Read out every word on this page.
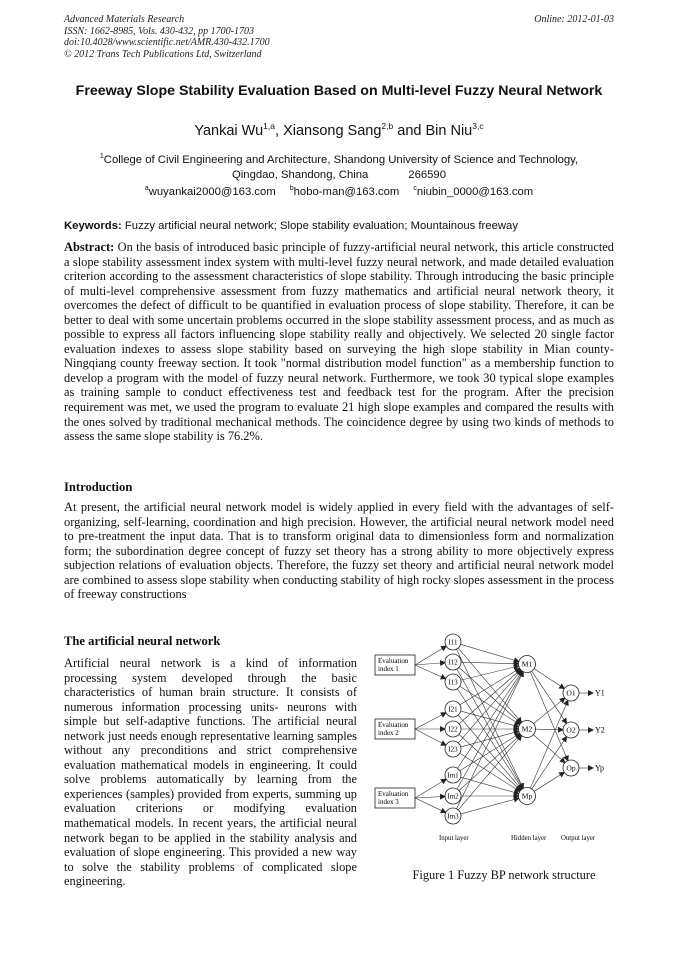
Advanced Materials Research
ISSN: 1662-8985, Vols. 430-432, pp 1700-1703
doi:10.4028/www.scientific.net/AMR.430-432.1700
© 2012 Trans Tech Publications Ltd, Switzerland
Online: 2012-01-03
Freeway Slope Stability Evaluation Based on Multi-level Fuzzy Neural Network
Yankai Wu$^{1,a}$, Xiansong Sang$^{2,b}$ and Bin Niu$^{3,c}$
$^1$College of Civil Engineering and Architecture, Shandong University of Science and Technology,
Qingdao, Shandong, China	266590
$^a$wuyankai2000@163.com $^b$hobo-man@163.com $^c$niubin_0000@163.com
Keywords: Fuzzy artificial neural network; Slope stability evaluation; Mountainous freeway
Abstract: On the basis of introduced basic principle of fuzzy-artificial neural network, this article constructed a slope stability assessment index system with multi-level fuzzy neural network, and made detailed evaluation criterion according to the assessment characteristics of slope stability. Through introducing the basic principle of multi-level comprehensive assessment from fuzzy mathematics and artificial neural network theory, it overcomes the defect of difficult to be quantified in evaluation process of slope stability. Therefore, it can be better to deal with some uncertain problems occurred in the slope stability assessment process, and as much as possible to express all factors influencing slope stability really and objectively. We selected 20 single factor evaluation indexes to assess slope stability based on surveying the high slope stability in Mian county-Ningqiang county freeway section. It took "normal distribution model function" as a membership function to develop a program with the model of fuzzy neural network. Furthermore, we took 30 typical slope examples as training sample to conduct effectiveness test and feedback test for the program. After the precision requirement was met, we used the program to evaluate 21 high slope examples and compared the results with the ones solved by traditional mechanical methods. The coincidence degree by using two kinds of methods to assess the same slope stability is 76.2%.
Introduction
At present, the artificial neural network model is widely applied in every field with the advantages of self-organizing, self-learning, coordination and high precision. However, the artificial neural network model need to pre-treatment the input data. That is to transform original data to dimensionless form and normalization form; the subordination degree concept of fuzzy set theory has a strong ability to more objectively express subjection relations of evaluation objects. Therefore, the fuzzy set theory and artificial neural network model are combined to assess slope stability when conducting stability of high rocky slopes assessment in the process of freeway constructions
The artificial neural network
Artificial neural network is a kind of information processing system developed through the basic characteristics of human brain structure. It consists of numerous information processing units- neurons with simple but self-adaptive functions. The artificial neural network just needs enough representative learning samples without any preconditions and strict comprehensive evaluation mathematical models in engineering. It could solve problems automatically by learning from the experiences (samples) provided from experts, summing up evaluation criterions or modifying evaluation mathematical models. In recent years, the artificial neural network began to be applied in the stability analysis and evaluation of slope engineering. This provided a new way to solve the stability problems of complicated slope engineering.
Evaluation
index 1
Evaluation
index 2
Evaluation
index 3
I11
I12
I13
I21
I22
I23
Im1
Im2
Im3
M1
M2
Mp
O1 Y1
O2 Y2
Op Yp
Input layer	Hidden layer Output layer
Figure 1 Fuzzy BP network structure
